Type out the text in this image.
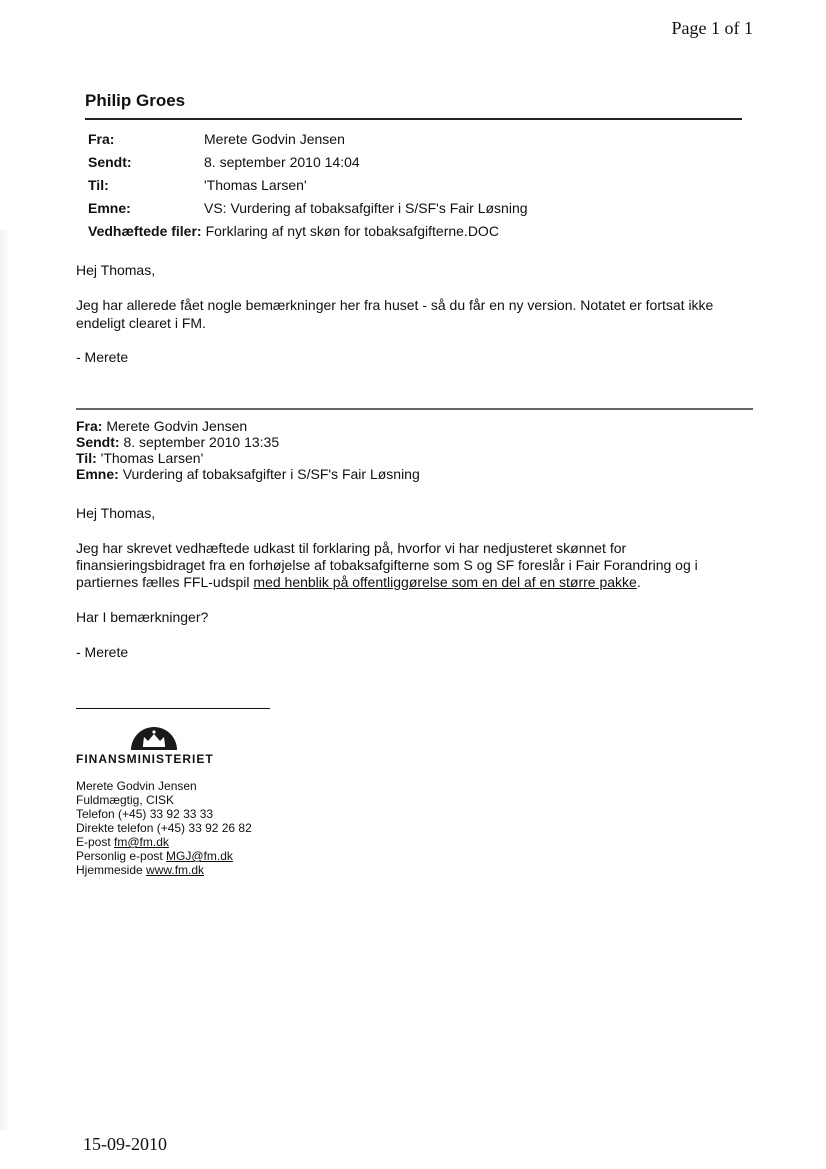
Page 1 of 1
Philip Groes
Fra:	Merete Godvin Jensen
Sendt:	8. september 2010 14:04
Til:	'Thomas Larsen'
Emne:	VS: Vurdering af tobaksafgifter i S/SF's Fair Løsning
Vedhæftede filer: Forklaring af nyt skøn for tobaksafgifterne.DOC
Hej Thomas,
Jeg har allerede fået nogle bemærkninger her fra huset - så du får en ny version. Notatet er fortsat ikke
endeligt clearet i FM.
- Merete
Fra: Merete Godvin Jensen
Sendt: 8. september 2010 13:35
Til: 'Thomas Larsen'
Emne: Vurdering af tobaksafgifter i S/SF's Fair Løsning
Hej Thomas,
Jeg har skrevet vedhæftede udkast til forklaring på, hvorfor vi har nedjusteret skønnet for
finansieringsbidraget fra en forhøjelse af tobaksafgifterne som S og SF foreslår i Fair Forandring og i
partiernes fælles FFL-udspil med henblik på offentliggørelse som en del af en større pakke.
Har I bemærkninger?
- Merete
FINANSMINISTERIET
Merete Godvin Jensen
Fuldmægtig, CISK
Telefon (+45) 33 92 33 33
Direkte telefon (+45) 33 92 26 82
E-post fm@fm.dk
Personlig e-post MGJ@fm.dk
Hjemmeside www.fm.dk
15-09-2010
